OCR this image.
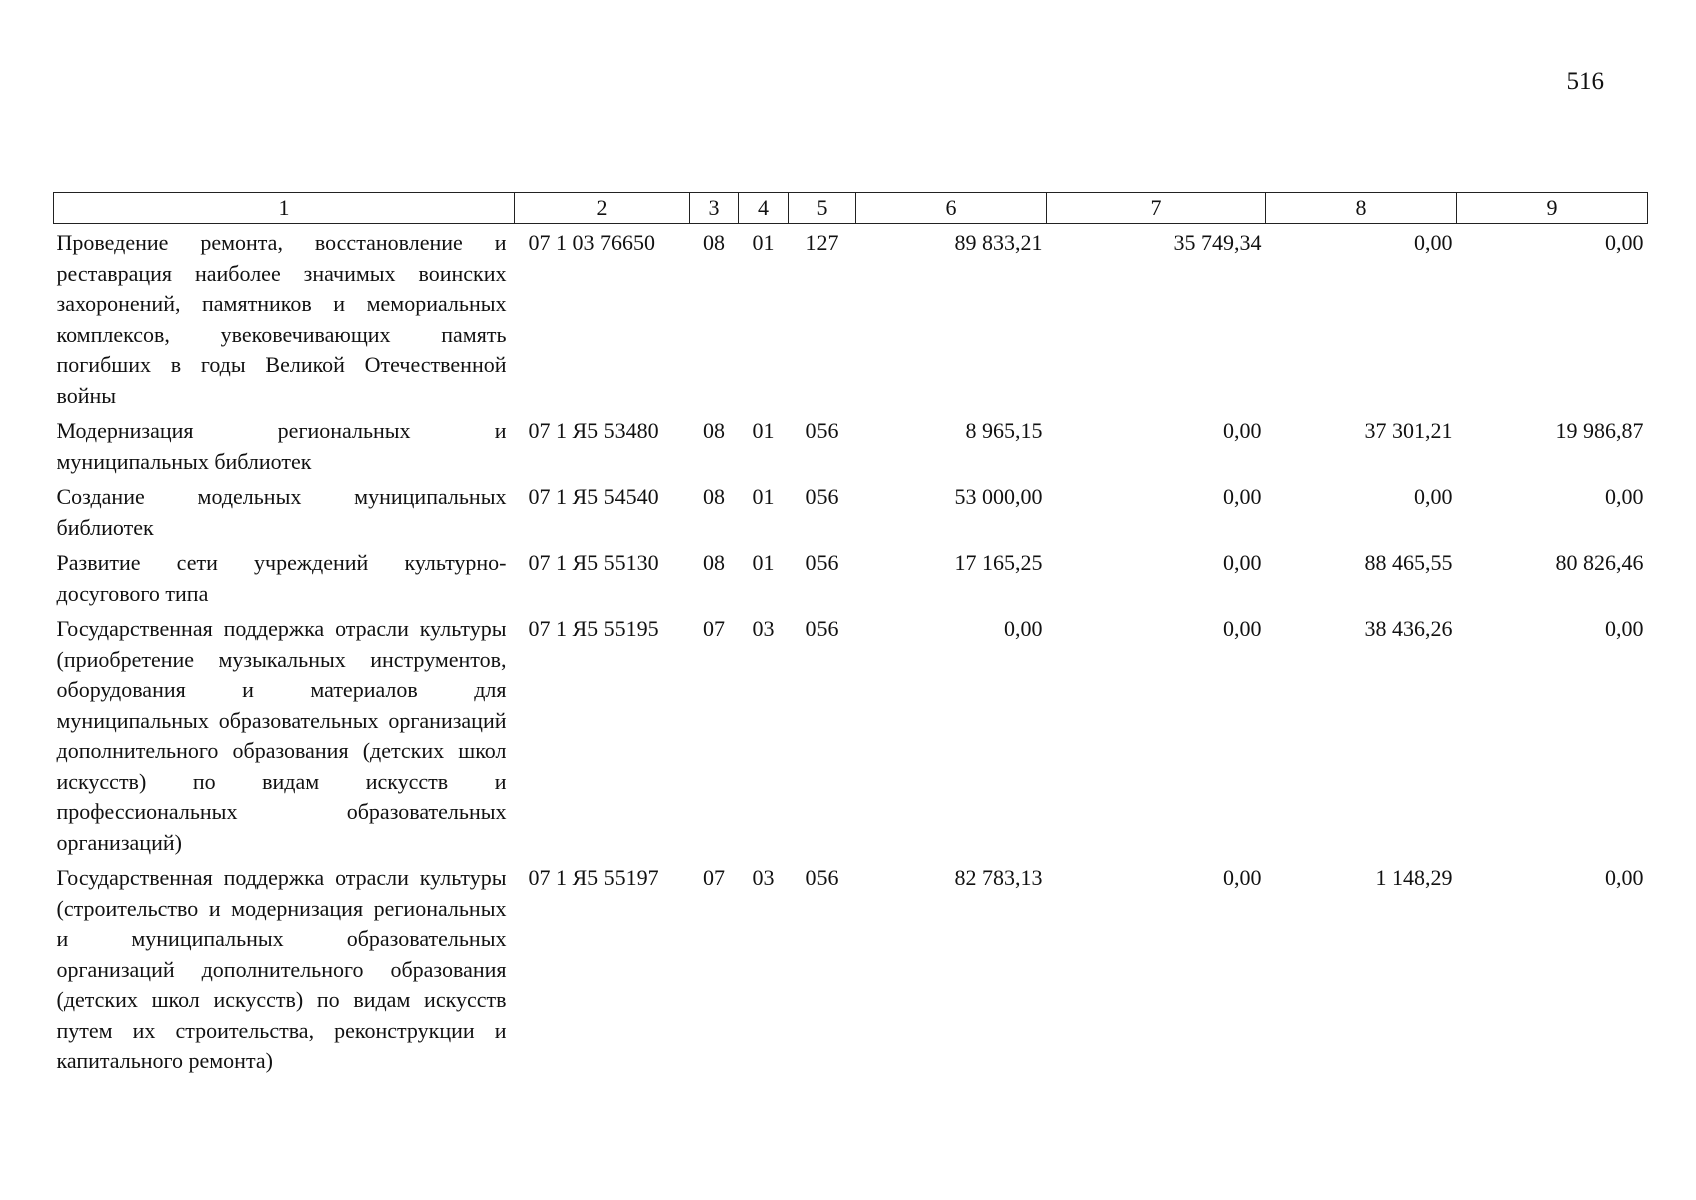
516
1	2	3	4	5	6	7	8	9
Проведение ремонта, восстановление и реставрация наиболее значимых воинских захоронений, памятников и мемориальных комплексов, увековечивающих память погибших в годы Великой Отечественной войны	07 1 03 76650	08	01	127	89 833,21	35 749,34	0,00	0,00
Модернизация региональных и муниципальных библиотек	07 1 Я5 53480	08	01	056	8 965,15	0,00	37 301,21	19 986,87
Создание модельных муниципальных библиотек	07 1 Я5 54540	08	01	056	53 000,00	0,00	0,00	0,00
Развитие сети учреждений культурно-досугового типа	07 1 Я5 55130	08	01	056	17 165,25	0,00	88 465,55	80 826,46
Государственная поддержка отрасли культуры (приобретение музыкальных инструментов, оборудования и материалов для муниципальных образовательных организаций дополнительного образования (детских школ искусств) по видам искусств и профессиональных образовательных организаций)	07 1 Я5 55195	07	03	056	0,00	0,00	38 436,26	0,00
Государственная поддержка отрасли культуры (строительство и модернизация региональных и муниципальных образовательных организаций дополнительного образования (детских школ искусств) по видам искусств путем их строительства, реконструкции и капитального ремонта)	07 1 Я5 55197	07	03	056	82 783,13	0,00	1 148,29	0,00
